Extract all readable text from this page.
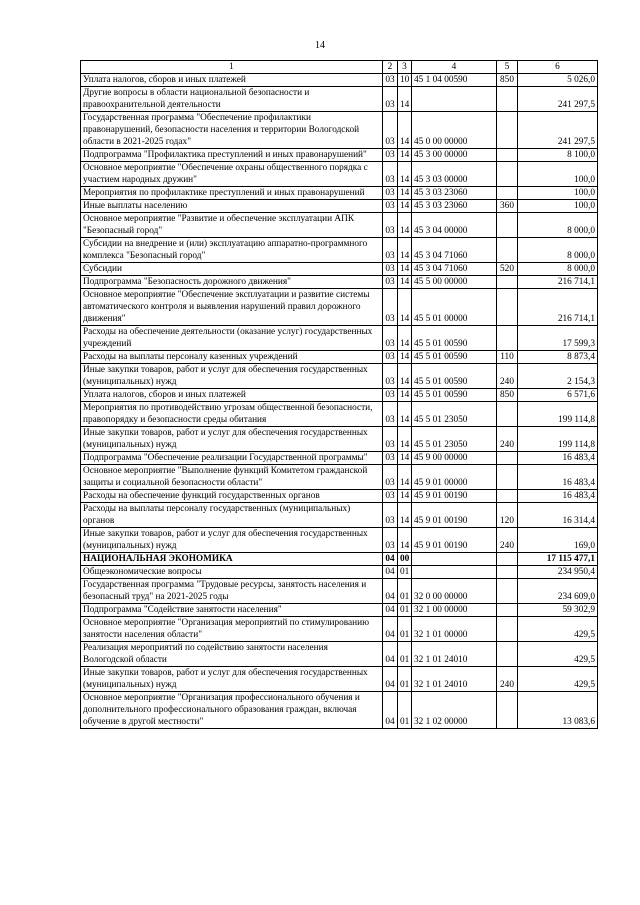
14
1	2	3	4	5	6
Уплата налогов, сборов и иных платежей	03	10	45 1 04 00590	850	5 026,0
Другие вопросы в области национальной безопасности и правоохранительной деятельности	03	14			241 297,5
Государственная программа "Обеспечение профилактики правонарушений, безопасности населения и территории Вологодской области в 2021-2025 годах"	03	14	45 0 00 00000		241 297,5
Подпрограмма "Профилактика преступлений и иных правонарушений"	03	14	45 3 00 00000		8 100,0
Основное мероприятие "Обеспечение охраны общественного порядка с участием народных дружин"	03	14	45 3 03 00000		100,0
Мероприятия по профилактике преступлений и иных правонарушений	03	14	45 3 03 23060		100,0
Иные выплаты населению	03	14	45 3 03 23060	360	100,0
Основное мероприятие "Развитие и обеспечение эксплуатации АПК "Безопасный город"	03	14	45 3 04 00000		8 000,0
Субсидии на внедрение и (или) эксплуатацию аппаратно-программного комплекса "Безопасный город"	03	14	45 3 04 71060		8 000,0
Субсидии	03	14	45 3 04 71060	520	8 000,0
Подпрограмма "Безопасность дорожного движения"	03	14	45 5 00 00000		216 714,1
Основное мероприятие "Обеспечение эксплуатации и развитие системы автоматического контроля и выявления нарушений правил дорожного движения"	03	14	45 5 01 00000		216 714,1
Расходы на обеспечение деятельности (оказание услуг) государственных учреждений	03	14	45 5 01 00590		17 599,3
Расходы на выплаты персоналу казенных учреждений	03	14	45 5 01 00590	110	8 873,4
Иные закупки товаров, работ и услуг для обеспечения государственных (муниципальных) нужд	03	14	45 5 01 00590	240	2 154,3
Уплата налогов, сборов и иных платежей	03	14	45 5 01 00590	850	6 571,6
Мероприятия по противодействию угрозам общественной безопасности, правопорядку и безопасности среды обитания	03	14	45 5 01 23050		199 114,8
Иные закупки товаров, работ и услуг для обеспечения государственных (муниципальных) нужд	03	14	45 5 01 23050	240	199 114,8
Подпрограмма "Обеспечение реализации Государственной программы"	03	14	45 9 00 00000		16 483,4
Основное мероприятие "Выполнение функций Комитетом гражданской защиты и социальной безопасности области"	03	14	45 9 01 00000		16 483,4
Расходы на обеспечение функций государственных органов	03	14	45 9 01 00190		16 483,4
Расходы на выплаты персоналу государственных (муниципальных) органов	03	14	45 9 01 00190	120	16 314,4
Иные закупки товаров, работ и услуг для обеспечения государственных (муниципальных) нужд	03	14	45 9 01 00190	240	169,0
НАЦИОНАЛЬНАЯ ЭКОНОМИКА	04	00			17 115 477,1
Общеэкономические вопросы	04	01			234 950,4
Государственная программа "Трудовые ресурсы, занятость населения и безопасный труд" на 2021-2025 годы	04	01	32 0 00 00000		234 609,0
Подпрограмма "Содействие занятости населения"	04	01	32 1 00 00000		59 302,9
Основное мероприятие "Организация мероприятий по стимулированию занятости населения области"	04	01	32 1 01 00000		429,5
Реализация мероприятий по содействию занятости населения Вологодской области	04	01	32 1 01 24010		429,5
Иные закупки товаров, работ и услуг для обеспечения государственных (муниципальных) нужд	04	01	32 1 01 24010	240	429,5
Основное мероприятие "Организация профессионального обучения и дополнительного профессионального образования граждан, включая обучение в другой местности"	04	01	32 1 02 00000		13 083,6
